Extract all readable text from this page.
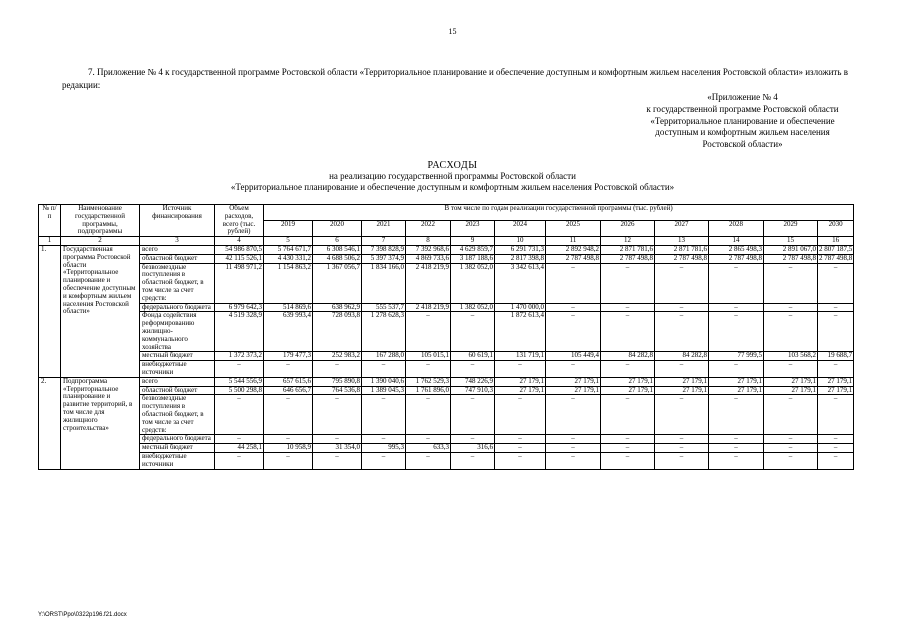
15
7. Приложение № 4 к государственной программе Ростовской области «Территориальное планирование и обеспечение доступным и комфортным жильем населения Ростовской области» изложить в редакции:
«Приложение № 4
к государственной программе Ростовской области
«Территориальное планирование и обеспечение
доступным и комфортным жильем населения
Ростовской области»
РАСХОДЫ
на реализацию государственной программы Ростовской области
«Территориальное планирование и обеспечение доступным и комфортным жильем населения Ростовской области»
№ п/п	Наименование государственной программы, подпрограммы	Источник финансирования	Объем расходов, всего (тыс. рублей)	В том числе по годам реализации государственной программы (тыс. рублей)											
				2019	2020	2021	2022	2023	2024	2025	2026	2027	2028	2029	2030
1	2	3	4	5	6	7	8	9	10	11	12	13	14	15	16
1.	Государственная программа Ростовской области «Территориальное планирование и обеспечение доступным и комфортным жильем населения Ростовской области»	всего	54 986 870,5	5 764 671,7	6 308 546,1	7 398 828,9	7 392 968,6	4 629 859,7	6 291 731,3	2 892 948,2	2 871 781,6	2 871 781,6	2 865 498,3	2 891 067,0	2 807 187,5
		областной бюджет	42 115 526,1	4 430 331,2	4 688 506,2	5 397 374,9	4 869 733,6	3 187 188,6	2 817 398,8	2 787 498,8	2 787 498,8	2 787 498,8	2 787 498,8	2 787 498,8	2 787 498,8
		безвозмездные поступления в областной бюджет, в том числе за счет средств:	11 498 971,2	1 154 863,2	1 367 056,7	1 834 166,0	2 418 219,9	1 382 052,0	3 342 613,4	–	–	–	–	–	–
		федерального бюджета	6 979 642,3	514 869,6	638 962,9	555 537,7	2 418 219,9	1 382 052,0	1 470 000,0	–	–	–	–	–	–
		Фонда содействия реформированию жилищно-коммунального хозяйства	4 519 328,9	639 993,4	728 093,8	1 278 628,3	–	–	1 872 613,4	–	–	–	–	–	–
		местный бюджет	1 372 373,2	179 477,3	252 983,2	167 288,0	105 015,1	60 619,1	131 719,1	105 449,4	84 282,8	84 282,8	77 999,5	103 568,2	19 688,7
		внебюджетные источники	–	–	–	–	–	–	–	–	–	–	–	–	–
2.	Подпрограмма «Территориальное планирование и развитие территорий, в том числе для жилищного строительства»	всего	5 544 556,9	657 615,6	795 890,8	1 390 040,6	1 762 529,3	748 226,9	27 179,1	27 179,1	27 179,1	27 179,1	27 179,1	27 179,1	27 179,1
		областной бюджет	5 500 298,8	646 656,7	764 536,8	1 389 045,3	1 761 896,0	747 910,3	27 179,1	27 179,1	27 179,1	27 179,1	27 179,1	27 179,1	27 179,1
		безвозмездные поступления в областной бюджет, в том числе за счет средств:	–	–	–	–	–	–	–	–	–	–	–	–	–
		федерального бюджета	–	–	–	–	–	–	–	–	–	–	–	–	–
		местный бюджет	44 258,1	10 958,9	31 354,0	995,3	633,3	316,6	–	–	–	–	–	–	–
		внебюджетные источники	–	–	–	–	–	–	–	–	–	–	–	–	–
Y:\ORST\Ppo\0322p196.f21.docx
